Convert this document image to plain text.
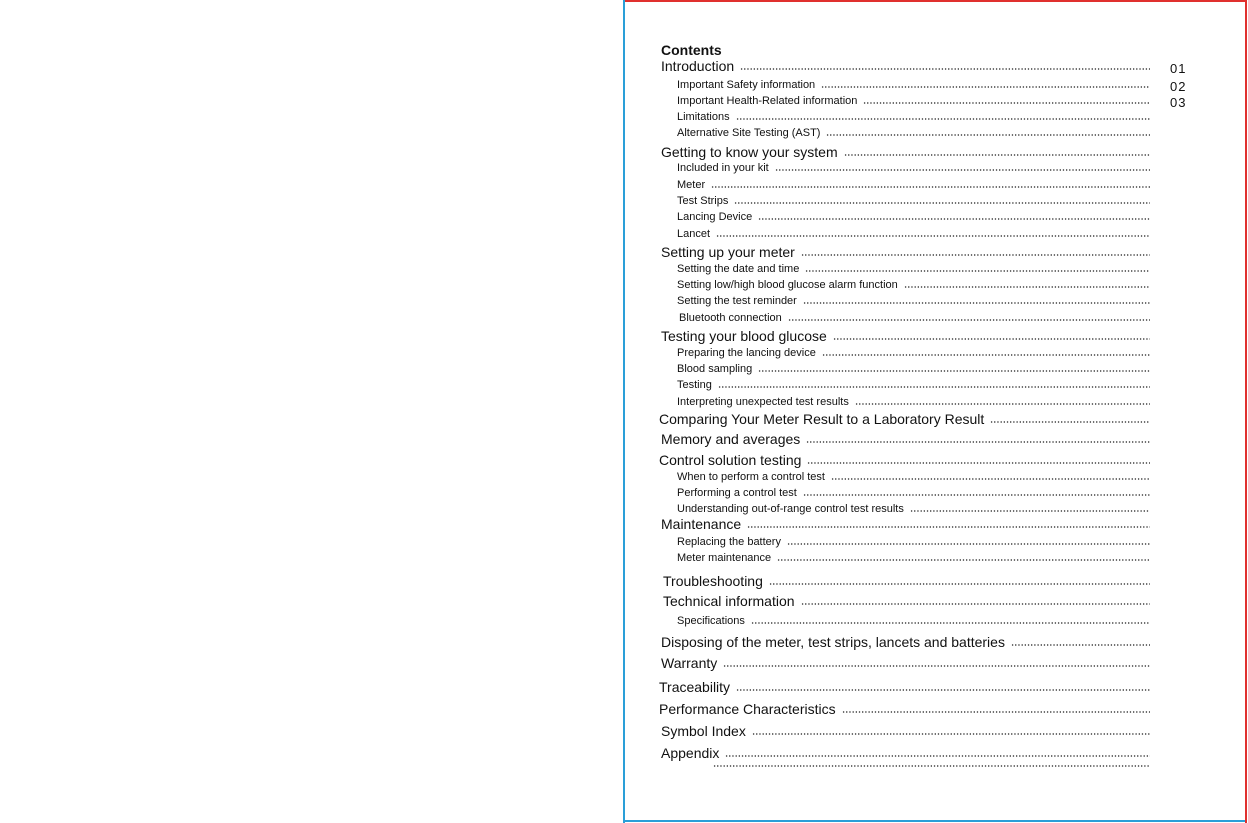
Contents
Introduction	01
Important Safety information	02
Important Health-Related information	03
Limitations
Alternative Site Testing (AST)
Getting to know your system
Included in your kit
Meter
Test Strips
Lancing Device
Lancet
Setting up your meter
Setting the date and time
Setting low/high blood glucose alarm function
Setting the test reminder
Bluetooth connection
Testing your blood glucose
Preparing the lancing device
Blood sampling
Testing
Interpreting unexpected test results
Comparing Your Meter Result to a Laboratory Result
Memory and averages
Control solution testing
When to perform a control test
Performing a control test
Understanding out-of-range control test results
Maintenance
Replacing the battery
Meter maintenance
Troubleshooting
Technical information
Specifications
Disposing of the meter, test strips, lancets and batteries
Warranty
Traceability
Performance Characteristics
Symbol Index
Appendix
